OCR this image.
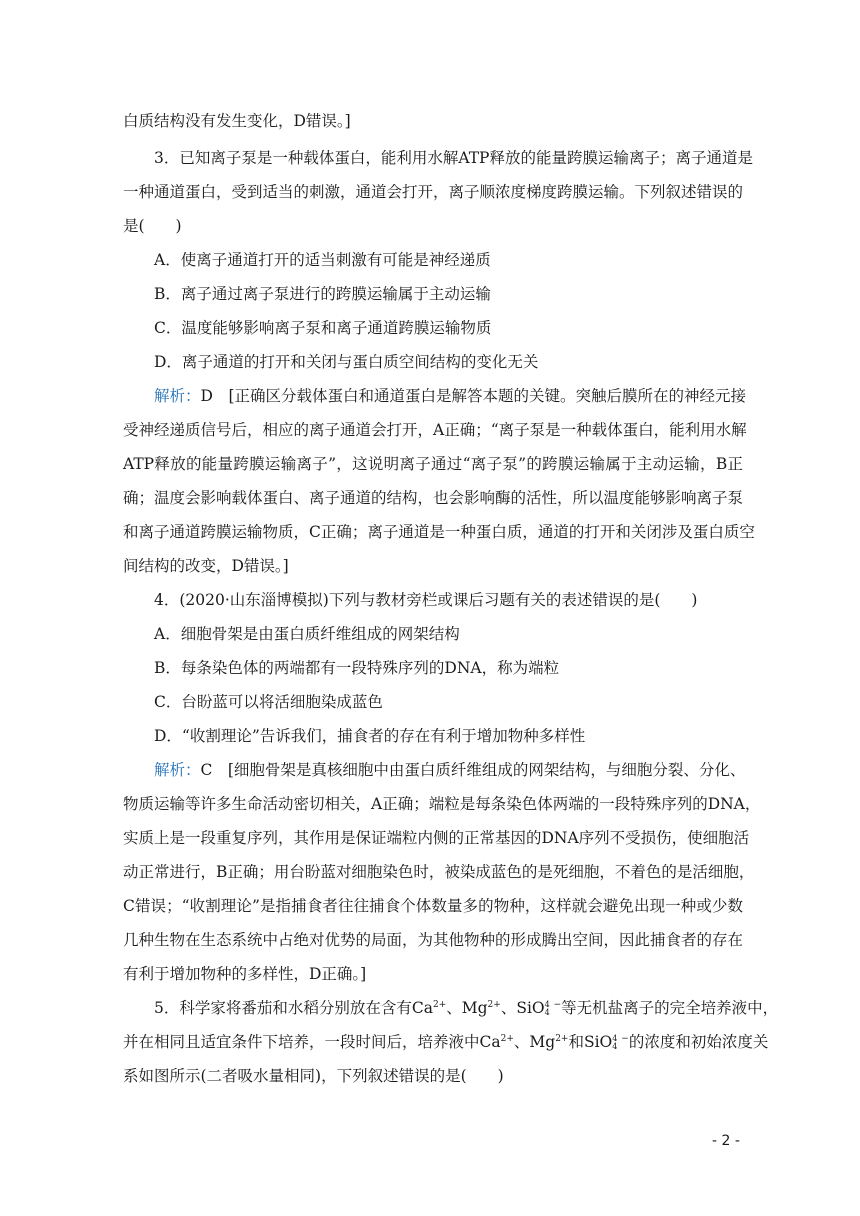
白质结构没有发生变化，D错误。]
3．已知离子泵是一种载体蛋白，能利用水解ATP释放的能量跨膜运输离子；离子通道是
一种通道蛋白，受到适当的刺激，通道会打开，离子顺浓度梯度跨膜运输。下列叙述错误的
是(　　)
A．使离子通道打开的适当刺激有可能是神经递质
B．离子通过离子泵进行的跨膜运输属于主动运输
C．温度能够影响离子泵和离子通道跨膜运输物质
D．离子通道的打开和关闭与蛋白质空间结构的变化无关
解析：D　[正确区分载体蛋白和通道蛋白是解答本题的关键。突触后膜所在的神经元接
受神经递质信号后，相应的离子通道会打开，A正确；“离子泵是一种载体蛋白，能利用水解
ATP释放的能量跨膜运输离子”，这说明离子通过“离子泵”的跨膜运输属于主动运输，B正
确；温度会影响载体蛋白、离子通道的结构，也会影响酶的活性，所以温度能够影响离子泵
和离子通道跨膜运输物质，C正确；离子通道是一种蛋白质，通道的打开和关闭涉及蛋白质空
间结构的改变，D错误。]
4．(2020·山东淄博模拟)下列与教材旁栏或课后习题有关的表述错误的是(　　)
A．细胞骨架是由蛋白质纤维组成的网架结构
B．每条染色体的两端都有一段特殊序列的DNA，称为端粒
C．台盼蓝可以将活细胞染成蓝色
D．“收割理论”告诉我们，捕食者的存在有利于增加物种多样性
解析：C　[细胞骨架是真核细胞中由蛋白质纤维组成的网架结构，与细胞分裂、分化、
物质运输等许多生命活动密切相关，A正确；端粒是每条染色体两端的一段特殊序列的DNA，
实质上是一段重复序列，其作用是保证端粒内侧的正常基因的DNA序列不受损伤，使细胞活
动正常进行，B正确；用台盼蓝对细胞染色时，被染成蓝色的是死细胞，不着色的是活细胞，
C错误；“收割理论”是指捕食者往往捕食个体数量多的物种，这样就会避免出现一种或少数
几种生物在生态系统中占绝对优势的局面，为其他物种的形成腾出空间，因此捕食者的存在
有利于增加物种的多样性，D正确。]
5．科学家将番茄和水稻分别放在含有$Ca^{2+}$、$Mg^{2+}$、SiO 4
4
−等无机盐离子的完全培养液中，
并在相同且适宜条件下培养，一段时间后，培养液中$Ca^{2+}$、$Mg^{2+}$和SiO 4
4
−的浓度和初始浓度关
系如图所示(二者吸水量相同)，下列叙述错误的是(　　)
- 2 -
